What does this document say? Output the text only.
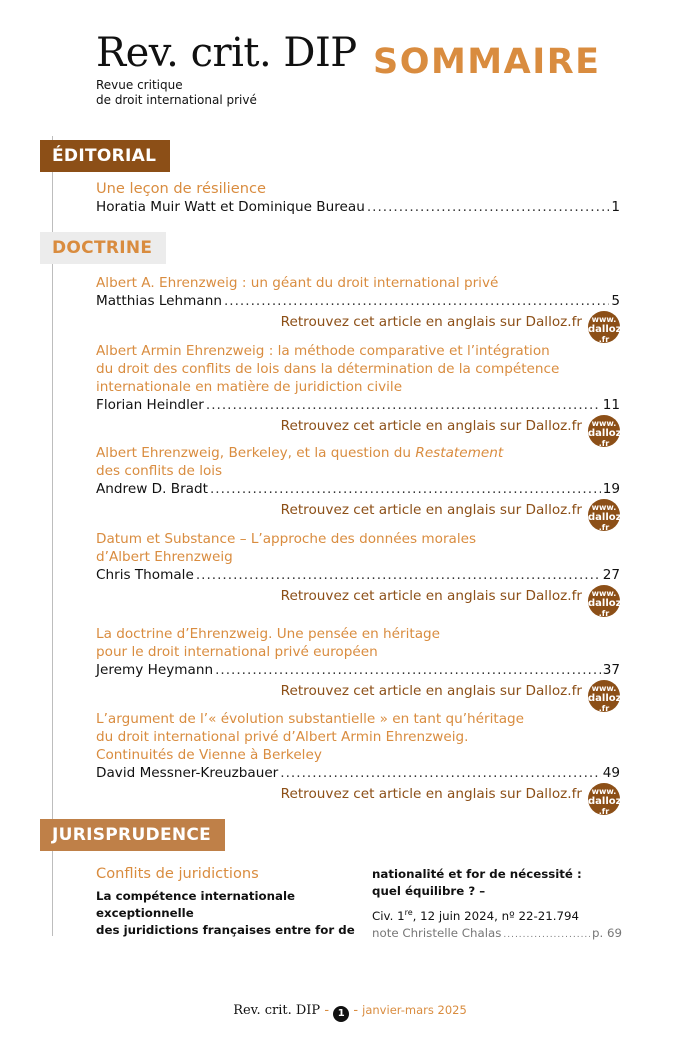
Rev. crit. DIP
Revue critique
de droit international privé
SOMMAIRE
ÉDITORIAL
Une leçon de résilience
Horatia Muir Watt et Dominique Bureau .....	1
DOCTRINE
Albert A. Ehrenzweig : un géant du droit international privé
Matthias Lehmann .....	5
Retrouvez cet article en anglais sur Dalloz.fr	www.
dalloz
.fr
Albert Armin Ehrenzweig : la méthode comparative et l’intégration
du droit des conflits de lois dans la détermination de la compétence
internationale en matière de juridiction civile
Florian Heindler .....	11
Retrouvez cet article en anglais sur Dalloz.fr	www.
dalloz
.fr
Albert Ehrenzweig, Berkeley, et la question du Restatement
des conflits de lois
Andrew D. Bradt .....	19
Retrouvez cet article en anglais sur Dalloz.fr	www.
dalloz
.fr
Datum et Substance – L’approche des données morales
d’Albert Ehrenzweig
Chris Thomale .....	27
Retrouvez cet article en anglais sur Dalloz.fr	www.
dalloz
.fr
La doctrine d’Ehrenzweig. Une pensée en héritage
pour le droit international privé européen
Jeremy Heymann .....	37
Retrouvez cet article en anglais sur Dalloz.fr	www.
dalloz
.fr
L’argument de l’« évolution substantielle » en tant qu’héritage
du droit international privé d’Albert Armin Ehrenzweig.
Continuités de Vienne à Berkeley
David Messner-Kreuzbauer .....	49
Retrouvez cet article en anglais sur Dalloz.fr	www.
dalloz
.fr
JURISPRUDENCE
Conflits de juridictions
La compétence internationale exceptionnelle
des juridictions françaises entre for de
nationalité et for de nécessité :
quel équilibre ? –
Civ. 1re, 12 juin 2024, nº 22-21.794
note Christelle Chalas .....	p. 69
Rev. crit. DIP - 1 - janvier-mars 2025
